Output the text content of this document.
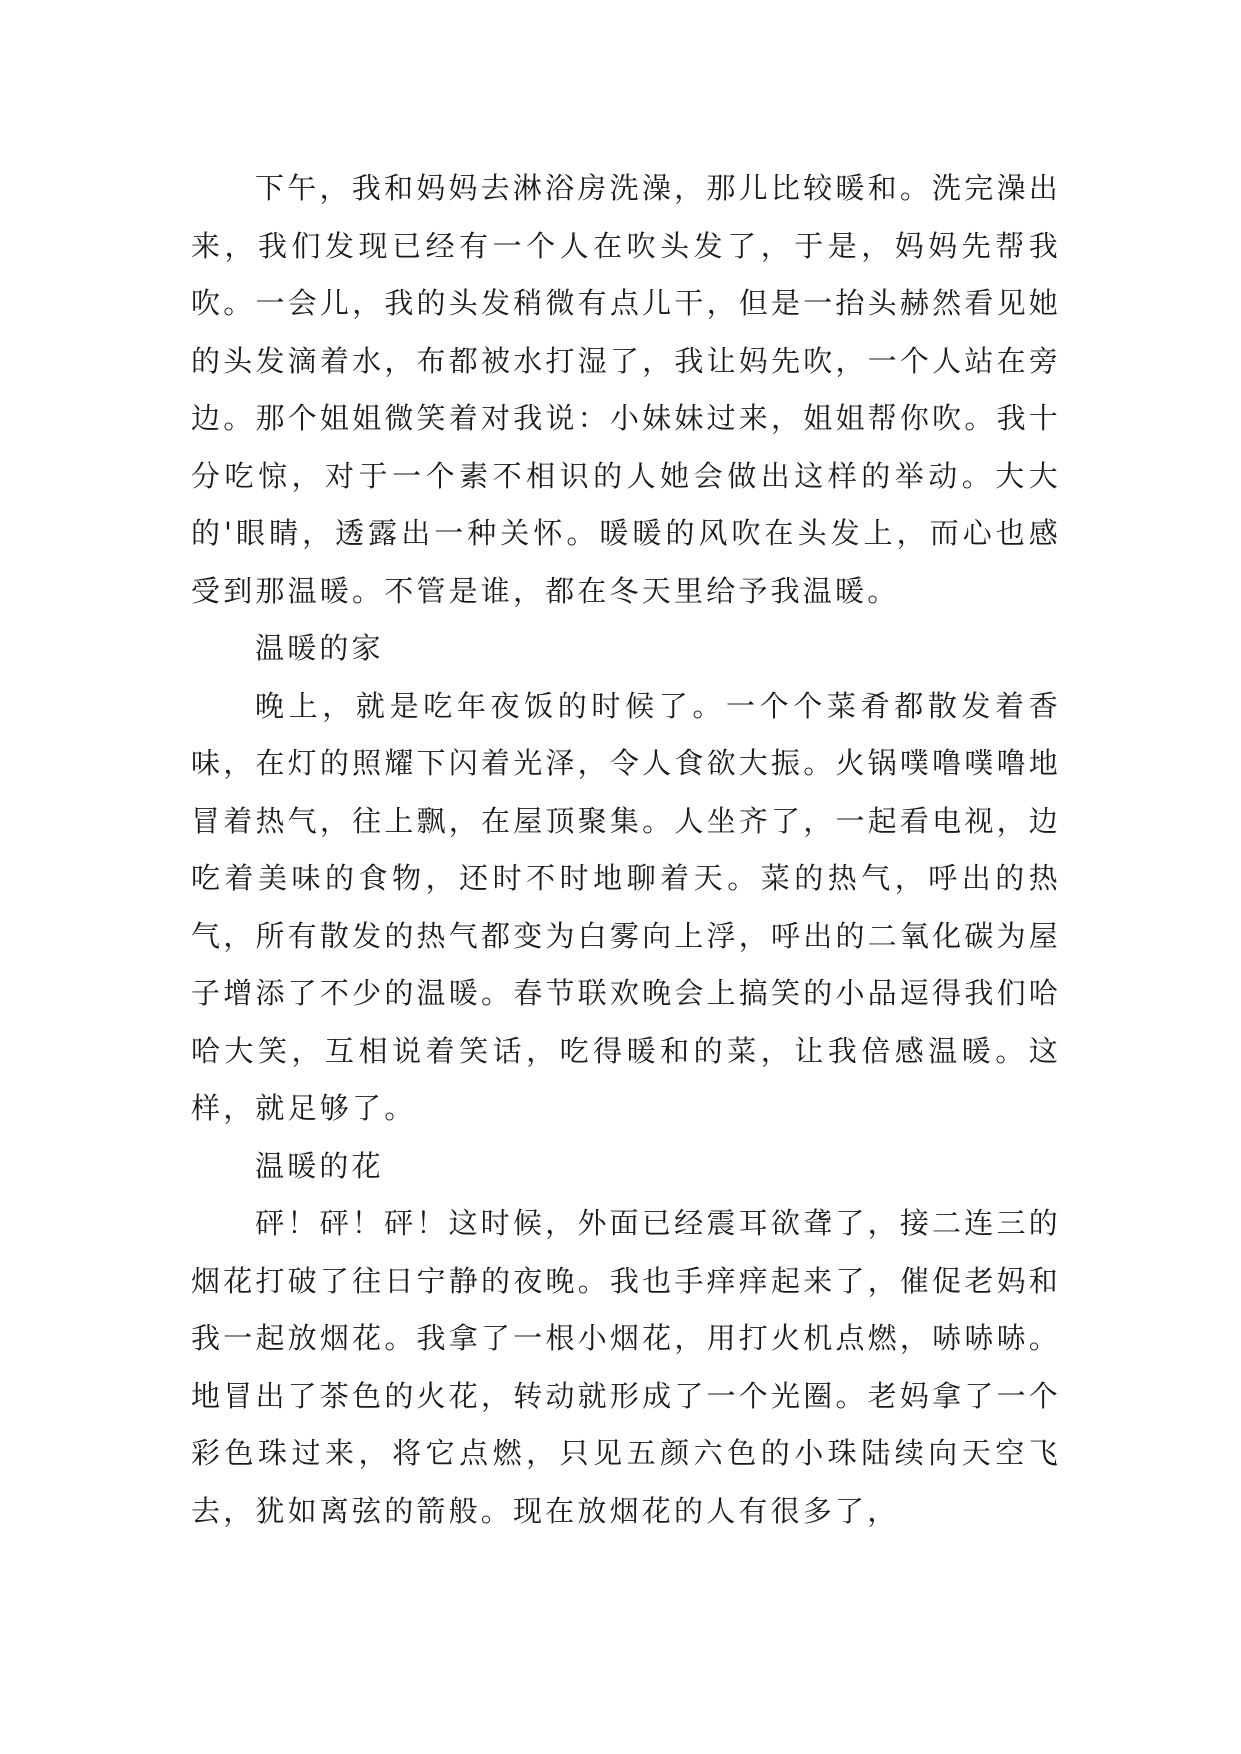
下午，我和妈妈去淋浴房洗澡，那儿比较暖和。洗完澡出来，我们发现已经有一个人在吹头发了，于是，妈妈先帮我吹。一会儿，我的头发稍微有点儿干，但是一抬头赫然看见她的头发滴着水，布都被水打湿了，我让妈先吹，一个人站在旁边。那个姐姐微笑着对我说：小妹妹过来，姐姐帮你吹。我十分吃惊，对于一个素不相识的人她会做出这样的举动。大大的'眼睛，透露出一种关怀。暖暖的风吹在头发上，而心也感受到那温暖。不管是谁，都在冬天里给予我温暖。

温暖的家

晚上，就是吃年夜饭的时候了。一个个菜肴都散发着香味，在灯的照耀下闪着光泽，令人食欲大振。火锅噗噜噗噜地冒着热气，往上飘，在屋顶聚集。人坐齐了，一起看电视，边吃着美味的食物，还时不时地聊着天。菜的热气，呼出的热气，所有散发的热气都变为白雾向上浮，呼出的二氧化碳为屋子增添了不少的温暖。春节联欢晚会上搞笑的小品逗得我们哈哈大笑，互相说着笑话，吃得暖和的菜，让我倍感温暖。这样，就足够了。

温暖的花

砰！砰！砰！这时候，外面已经震耳欲聋了，接二连三的烟花打破了往日宁静的夜晚。我也手痒痒起来了，催促老妈和我一起放烟花。我拿了一根小烟花，用打火机点燃，哧哧哧。地冒出了茶色的火花，转动就形成了一个光圈。老妈拿了一个彩色珠过来，将它点燃，只见五颜六色的小珠陆续向天空飞去，犹如离弦的箭般。现在放烟花的人有很多了，
